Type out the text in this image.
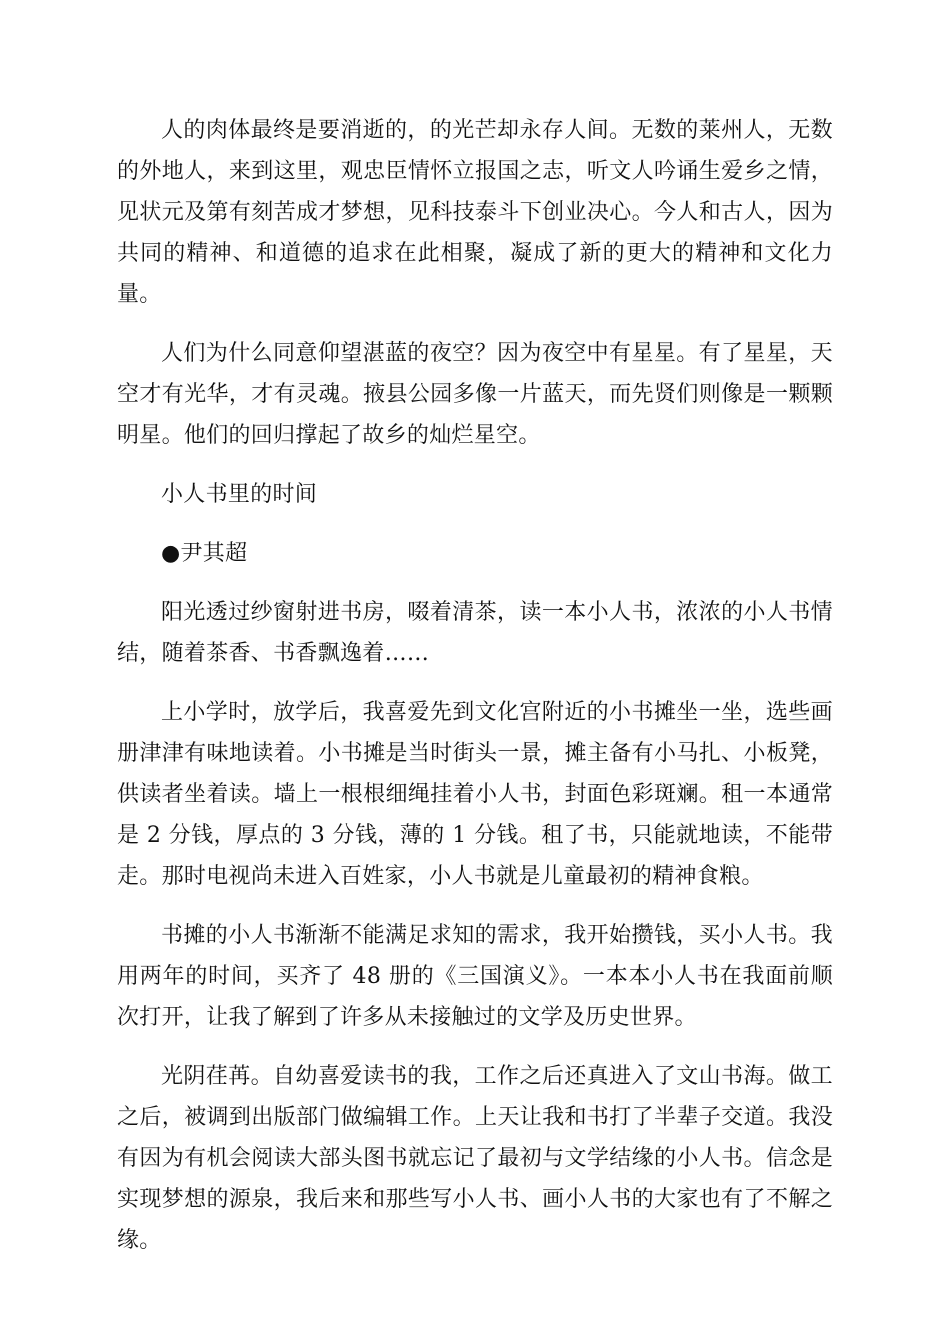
人的肉体最终是要消逝的，的光芒却永存人间。无数的莱州人，无数的外地人，来到这里，观忠臣情怀立报国之志，听文人吟诵生爱乡之情，见状元及第有刻苦成才梦想，见科技泰斗下创业决心。今人和古人，因为共同的精神、和道德的追求在此相聚，凝成了新的更大的精神和文化力量。

人们为什么同意仰望湛蓝的夜空？因为夜空中有星星。有了星星，天空才有光华，才有灵魂。掖县公园多像一片蓝天，而先贤们则像是一颗颗明星。他们的回归撑起了故乡的灿烂星空。

小人书里的时间

●尹其超

阳光透过纱窗射进书房，啜着清茶，读一本小人书，浓浓的小人书情结，随着茶香、书香飘逸着……

上小学时，放学后，我喜爱先到文化宫附近的小书摊坐一坐，选些画册津津有味地读着。小书摊是当时街头一景，摊主备有小马扎、小板凳，供读者坐着读。墙上一根根细绳挂着小人书，封面色彩斑斓。租一本通常是 2 分钱，厚点的 3 分钱，薄的 1 分钱。租了书，只能就地读，不能带走。那时电视尚未进入百姓家，小人书就是儿童最初的精神食粮。

书摊的小人书渐渐不能满足求知的需求，我开始攒钱，买小人书。我用两年的时间，买齐了 48 册的《三国演义》。一本本小人书在我面前顺次打开，让我了解到了许多从未接触过的文学及历史世界。

光阴荏苒。自幼喜爱读书的我，工作之后还真进入了文山书海。做工之后，被调到出版部门做编辑工作。上天让我和书打了半辈子交道。我没有因为有机会阅读大部头图书就忘记了最初与文学结缘的小人书。信念是实现梦想的源泉，我后来和那些写小人书、画小人书的大家也有了不解之缘。
